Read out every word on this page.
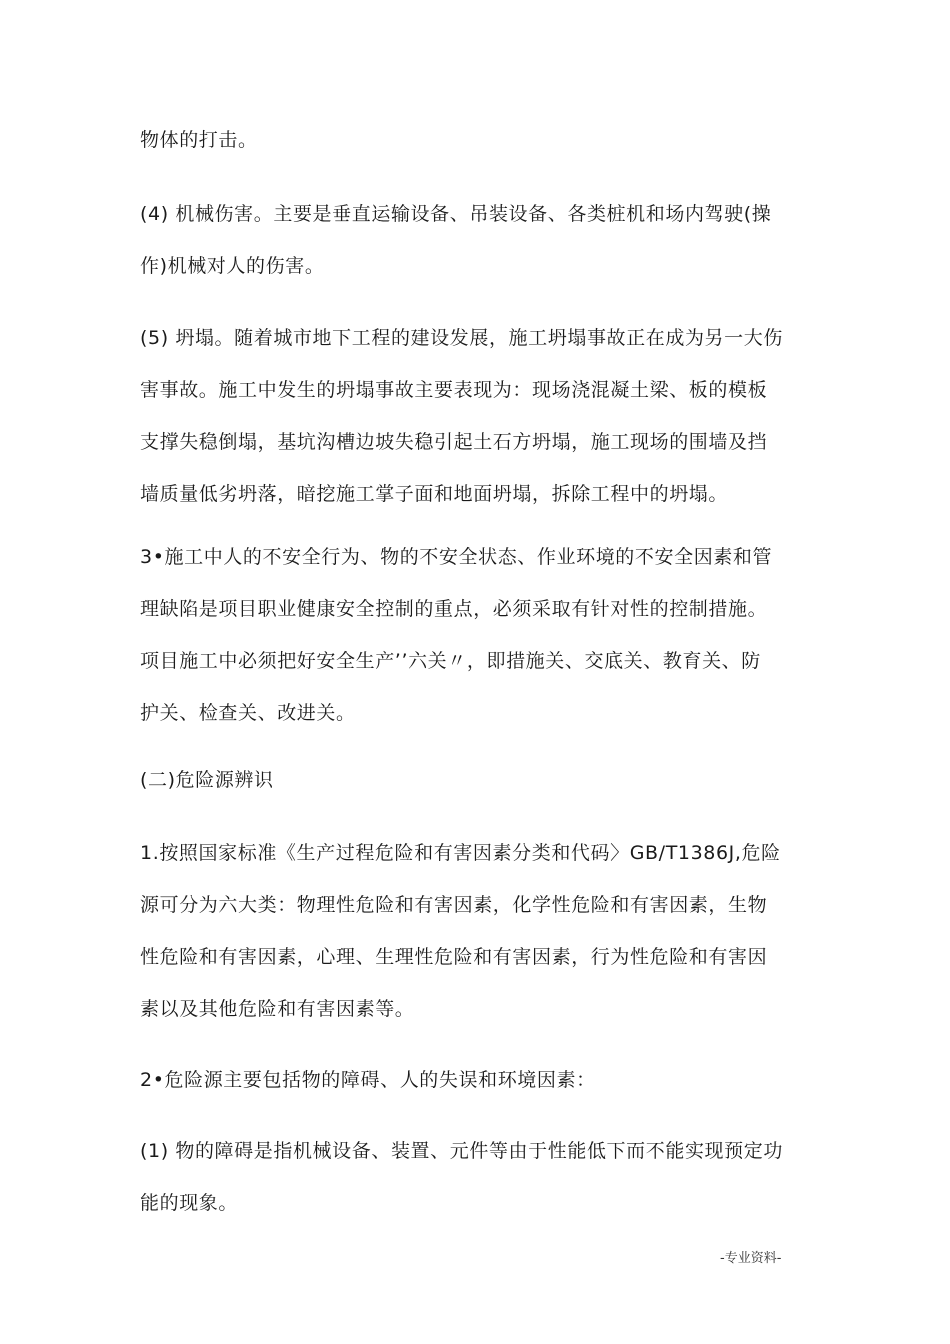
物体的打击。
(4) 机械伤害。主要是垂直运输设备、吊装设备、各类桩机和场内驾驶(操
作)机械对人的伤害。
(5) 坍塌。随着城市地下工程的建设发展，施工坍塌事故正在成为另一大伤
害事故。施工中发生的坍塌事故主要表现为：现场浇混凝土梁、板的模板
支撑失稳倒塌，基坑沟槽边坡失稳引起土石方坍塌，施工现场的围墙及挡
墙质量低劣坍落，暗挖施工掌子面和地面坍塌，拆除工程中的坍塌。
3•施工中人的不安全行为、物的不安全状态、作业环境的不安全因素和管
理缺陷是项目职业健康安全控制的重点，必须采取有针对性的控制措施。
项目施工中必须把好安全生产’’六关〃，即措施关、交底关、教育关、防
护关、检查关、改进关。
(二)危险源辨识
1.按照国家标准《生产过程危险和有害因素分类和代码〉GB/T1386J,危险
源可分为六大类：物理性危险和有害因素，化学性危险和有害因素，生物
性危险和有害因素，心理、生理性危险和有害因素，行为性危险和有害因
素以及其他危险和有害因素等。
2•危险源主要包括物的障碍、人的失误和环境因素：
(1) 物的障碍是指机械设备、装置、元件等由于性能低下而不能实现预定功
能的现象。
-专业资料-
